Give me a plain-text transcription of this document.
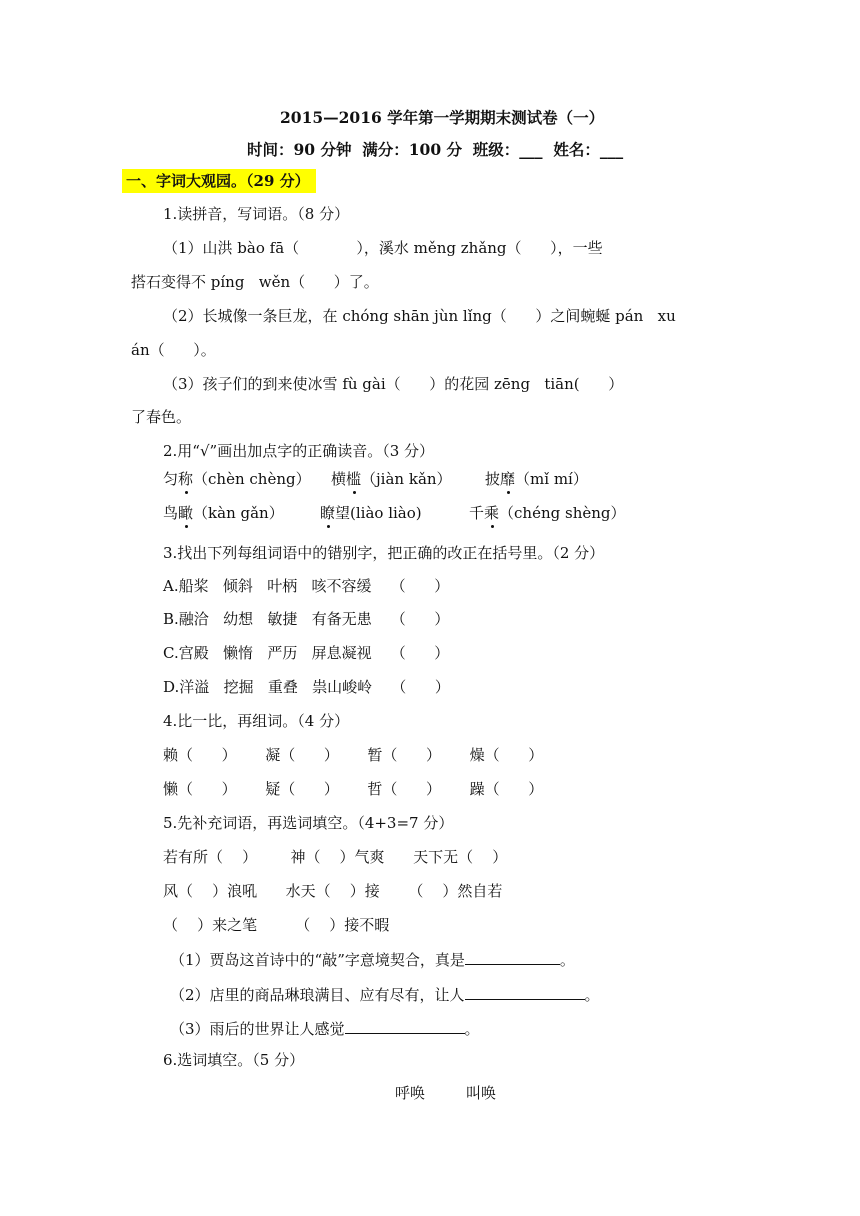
2015—2016 学年第一学期期末测试卷（一）
时间：90 分钟  满分：100 分  班级：___  姓名：___
一、字词大观园。（29 分）
1.读拼音，写词语。（8 分）
（1）山洪 bào fā（            ），溪水 měng zhǎng（      ），一些
搭石变得不 píng   wěn（      ）了。
（2）长城像一条巨龙，在 chóng shān jùn lǐng（      ）之间蜿蜒 pán   xu
án（      ）。
（3）孩子们的到来使冰雪 fù gài（      ）的花园 zēng   tiān(      ）
了春色。
2.用“√”画出加点字的正确读音。（3 分）
匀称（chèn chèng） 横槛（jiàn kǎn） 披靡（mǐ mí）
鸟瞰（kàn gǎn） 瞭望(liào liào)	千乘（chéng shèng）
3.找出下列每组词语中的错别字，把正确的改正在括号里。（2 分）
A.船桨   倾斜   叶柄   咳不容缓    （      ）
B.融洽   幼想   敏捷   有备无患    （      ）
C.宫殿   懒惰   严历   屏息凝视    （      ）
D.洋溢   挖掘   重叠   祟山峻岭    （      ）
4.比一比，再组词。（4 分）
赖（      ）      凝（      ）      暂（      ）      燥（      ）
懒（      ）      疑（      ）      哲（      ）      躁（      ）
5.先补充词语，再选词填空。（4+3=7 分）
若有所（    ）       神（    ）气爽      天下无（    ）
风（    ）浪吼      水天（    ）接      （    ）然自若
（    ）来之笔        （    ）接不暇
（1）贾岛这首诗中的“敲”字意境契合，真是	。
（2）店里的商品琳琅满目、应有尽有，让人	。
（3）雨后的世界让人感觉	。
6.选词填空。（5 分）
呼唤	叫唤
